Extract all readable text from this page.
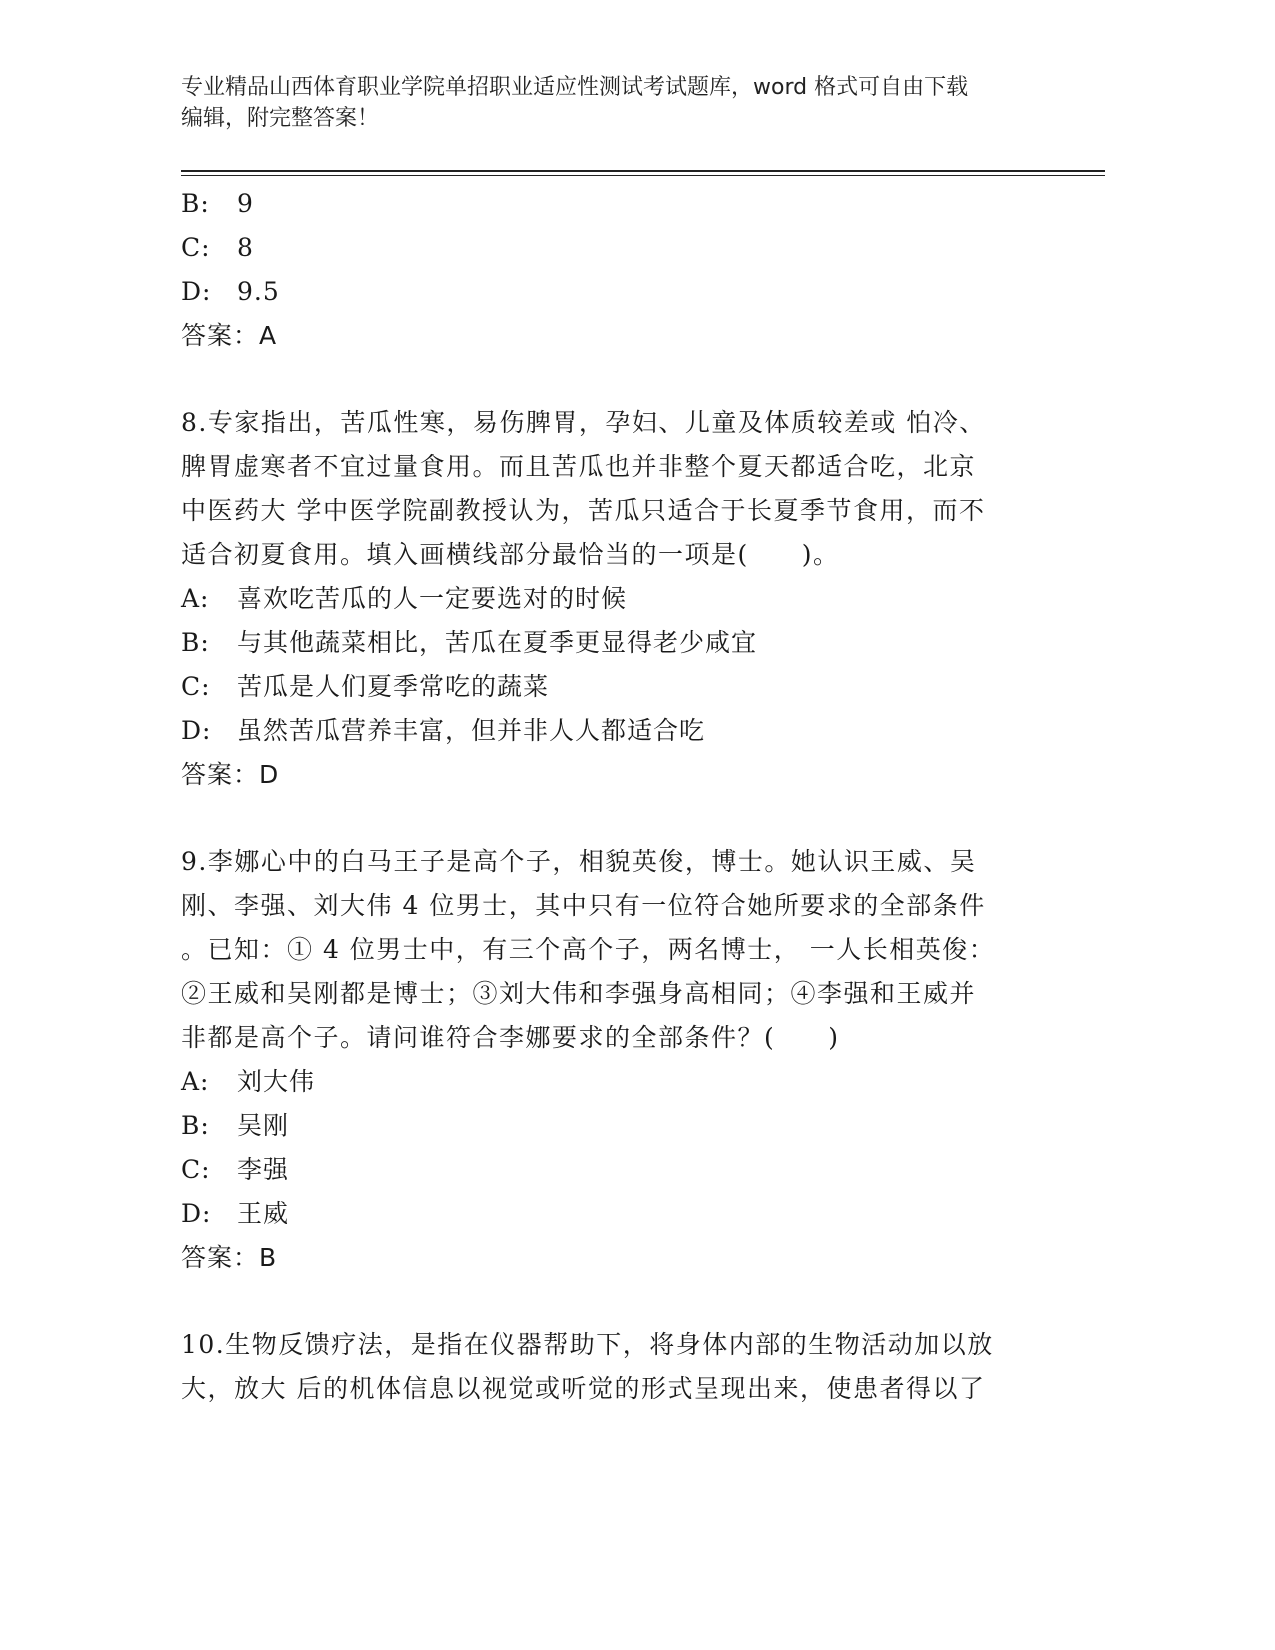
专业精品山西体育职业学院单招职业适应性测试考试题库，word 格式可自由下载
编辑，附完整答案！
B: 9
C: 8
D: 9.5
答案：A
8.专家指出，苦瓜性寒，易伤脾胃，孕妇、儿童及体质较差或 怕冷、
脾胃虚寒者不宜过量食用。而且苦瓜也并非整个夏天都适合吃，北京
中医药大 学中医学院副教授认为，苦瓜只适合于长夏季节食用，而不
适合初夏食用。填入画横线部分最恰当的一项是(　　)。
A: 喜欢吃苦瓜的人一定要选对的时候
B: 与其他蔬菜相比，苦瓜在夏季更显得老少咸宜
C: 苦瓜是人们夏季常吃的蔬菜
D: 虽然苦瓜营养丰富，但并非人人都适合吃
答案：D
9.李娜心中的白马王子是高个子，相貌英俊，博士。她认识王威、吴
刚、李强、刘大伟 4 位男士，其中只有一位符合她所要求的全部条件
。已知：① 4 位男士中，有三个高个子，两名博士， 一人长相英俊：
②王威和吴刚都是博士；③刘大伟和李强身高相同；④李强和王威并
非都是高个子。请问谁符合李娜要求的全部条件？(　　)
A: 刘大伟
B: 吴刚
C: 李强
D: 王威
答案：B
10.生物反馈疗法，是指在仪器帮助下，将身体内部的生物活动加以放
大，放大 后的机体信息以视觉或听觉的形式呈现出来，使患者得以了
